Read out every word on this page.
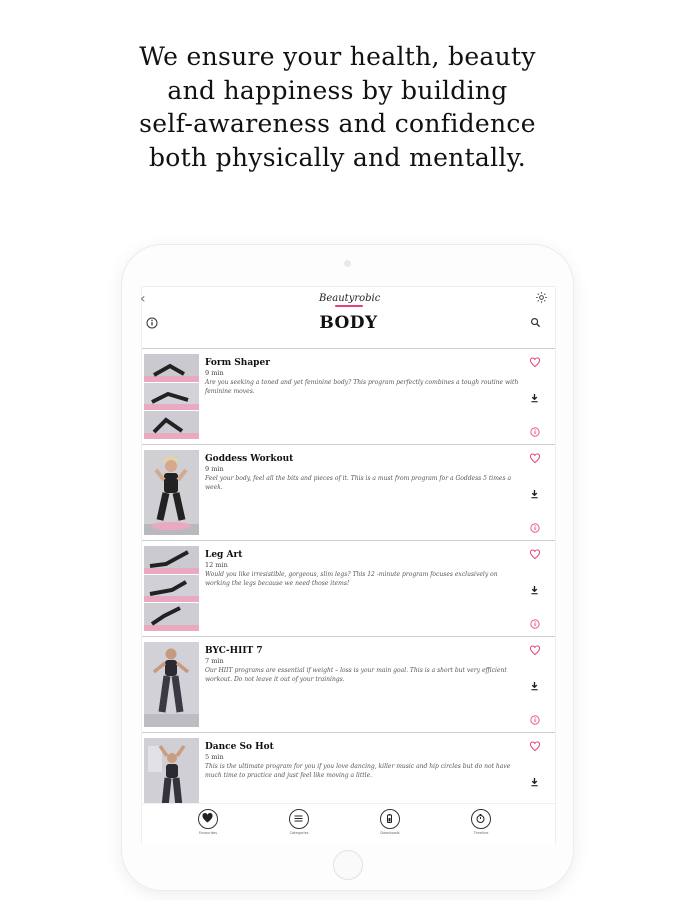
We ensure your health, beauty
and happiness by building
self-awareness and confidence
both physically and mentally.
‹	Beautyrobic
BODY
Form Shaper
9 min
Are you seeking a toned and yet feminine body? This program perfectly combines a tough routine with feminine moves.
Goddess Workout
9 min
Feel your body, feel all the bits and pieces of it. This is a must from program for a Goddess 5 times a week.
Leg Art
12 min
Would you like irresistible, gorgeous, slim legs? This 12 -minute program focuses exclusively on working the legs because we need those items!
BYC-HIIT 7
7 min
Our HIIT programs are essential if weight – loss is your main goal. This is a short but very efficient workout. Do not leave it out of your trainings.
Dance So Hot
5 min
This is the ultimate program for you if you love dancing, killer music and hip circles but do not have much time to practice and just feel like moving a little.
Favourites	Categories	Downloads	Timeline
